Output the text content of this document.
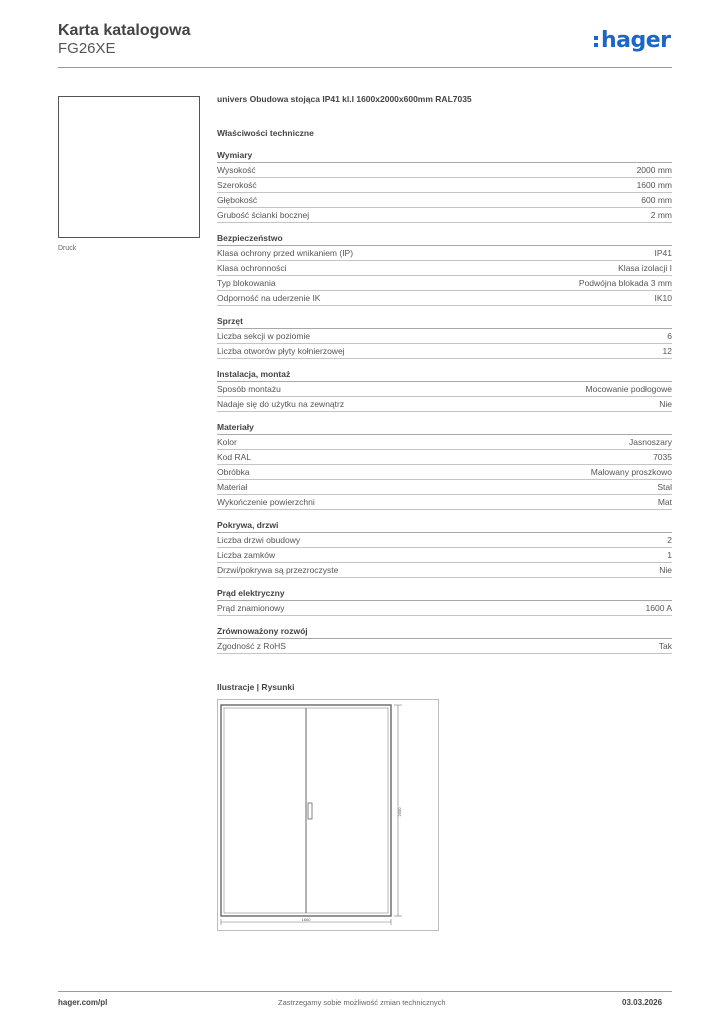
Karta katalogowa
FG26XE	hager
Druck
univers Obudowa stojąca IP41 kl.I 1600x2000x600mm RAL7035
Właściwości techniczne
Wymiary
Wysokość	2000 mm
Szerokość	1600 mm
Głębokość	600 mm
Grubość ścianki bocznej	2 mm
Bezpieczeństwo
Klasa ochrony przed wnikaniem (IP)	IP41
Klasa ochronności	Klasa izolacji I
Typ blokowania	Podwójna blokada 3 mm
Odporność na uderzenie IK	IK10
Sprzęt
Liczba sekcji w poziomie	6
Liczba otworów płyty kołnierzowej	12
Instalacja, montaż
Sposób montażu	Mocowanie podłogowe
Nadaje się do użytku na zewnątrz	Nie
Materiały
Kolor	Jasnoszary
Kod RAL	7035
Obróbka	Malowany proszkowo
Materiał	Stal
Wykończenie powierzchni	Mat
Pokrywa, drzwi
Liczba drzwi obudowy	2
Liczba zamków	1
Drzwi/pokrywa są przezroczyste	Nie
Prąd elektryczny
Prąd znamionowy	1600 A
Zrównoważony rozwój
Zgodność z RoHS	Tak
Ilustracje | Rysunki
2000
1600
hager.com/pl	Zastrzegamy sobie możliwość zmian technicznych	03.03.2026
